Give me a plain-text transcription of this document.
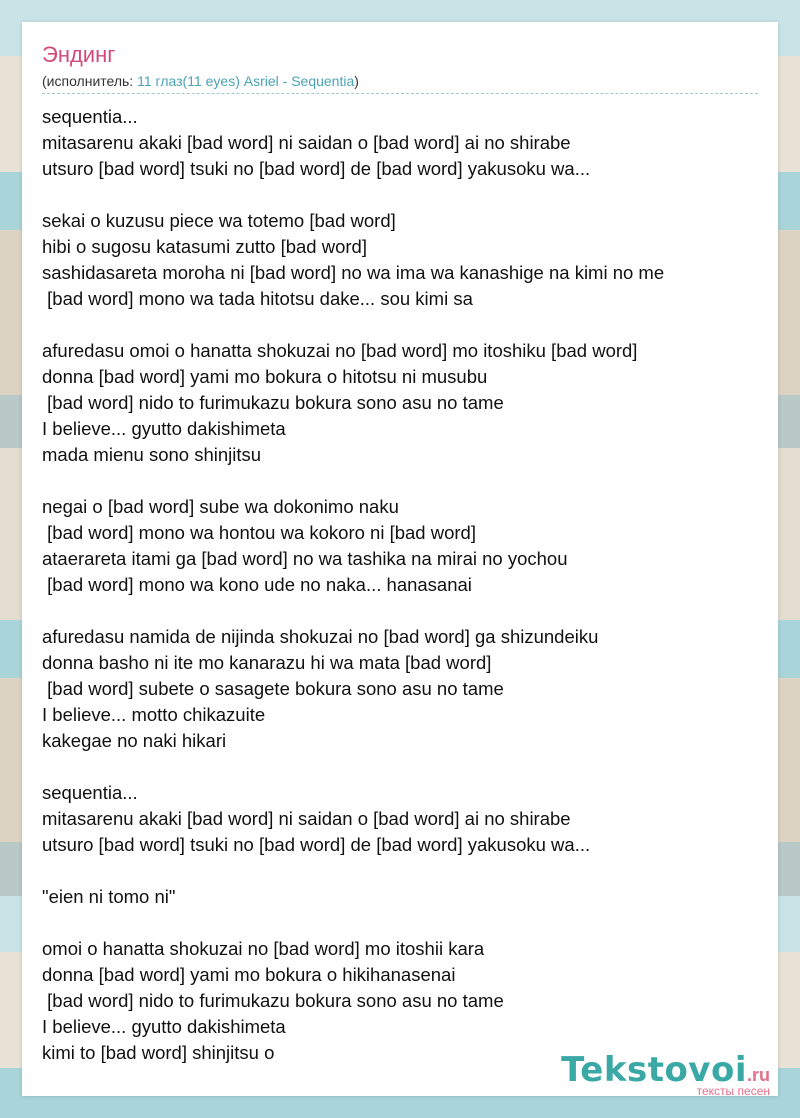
Эндинг
(исполнитель: 11 глаз(11 eyes) Asriel - Sequentia)
sequentia...
mitasarenu akaki [bad word] ni saidan o [bad word] ai no shirabe
utsuro [bad word] tsuki no [bad word] de [bad word] yakusoku wa...
sekai o kuzusu piece wa totemo [bad word]
hibi o sugosu katasumi zutto [bad word]
sashidasareta moroha ni [bad word] no wa ima wa kanashige na kimi no me
[bad word] mono wa tada hitotsu dake... sou kimi sa
afuredasu omoi o hanatta shokuzai no [bad word] mo itoshiku [bad word]
donna [bad word] yami mo bokura o hitotsu ni musubu
[bad word] nido to furimukazu bokura sono asu no tame
I believe... gyutto dakishimeta
mada mienu sono shinjitsu
negai o [bad word] sube wa dokonimo naku
[bad word] mono wa hontou wa kokoro ni [bad word]
ataerareta itami ga [bad word] no wa tashika na mirai no yochou
[bad word] mono wa kono ude no naka... hanasanai
afuredasu namida de nijinda shokuzai no [bad word] ga shizundeiku
donna basho ni ite mo kanarazu hi wa mata [bad word]
[bad word] subete o sasagete bokura sono asu no tame
I believe... motto chikazuite
kakegae no naki hikari
sequentia...
mitasarenu akaki [bad word] ni saidan o [bad word] ai no shirabe
utsuro [bad word] tsuki no [bad word] de [bad word] yakusoku wa...
"eien ni tomo ni"
omoi o hanatta shokuzai no [bad word] mo itoshii kara
donna [bad word] yami mo bokura o hikihanasenai
[bad word] nido to furimukazu bokura sono asu no tame
I believe... gyutto dakishimeta
kimi to [bad word] shinjitsu o	Tekstovoi.ru
тексты песен
